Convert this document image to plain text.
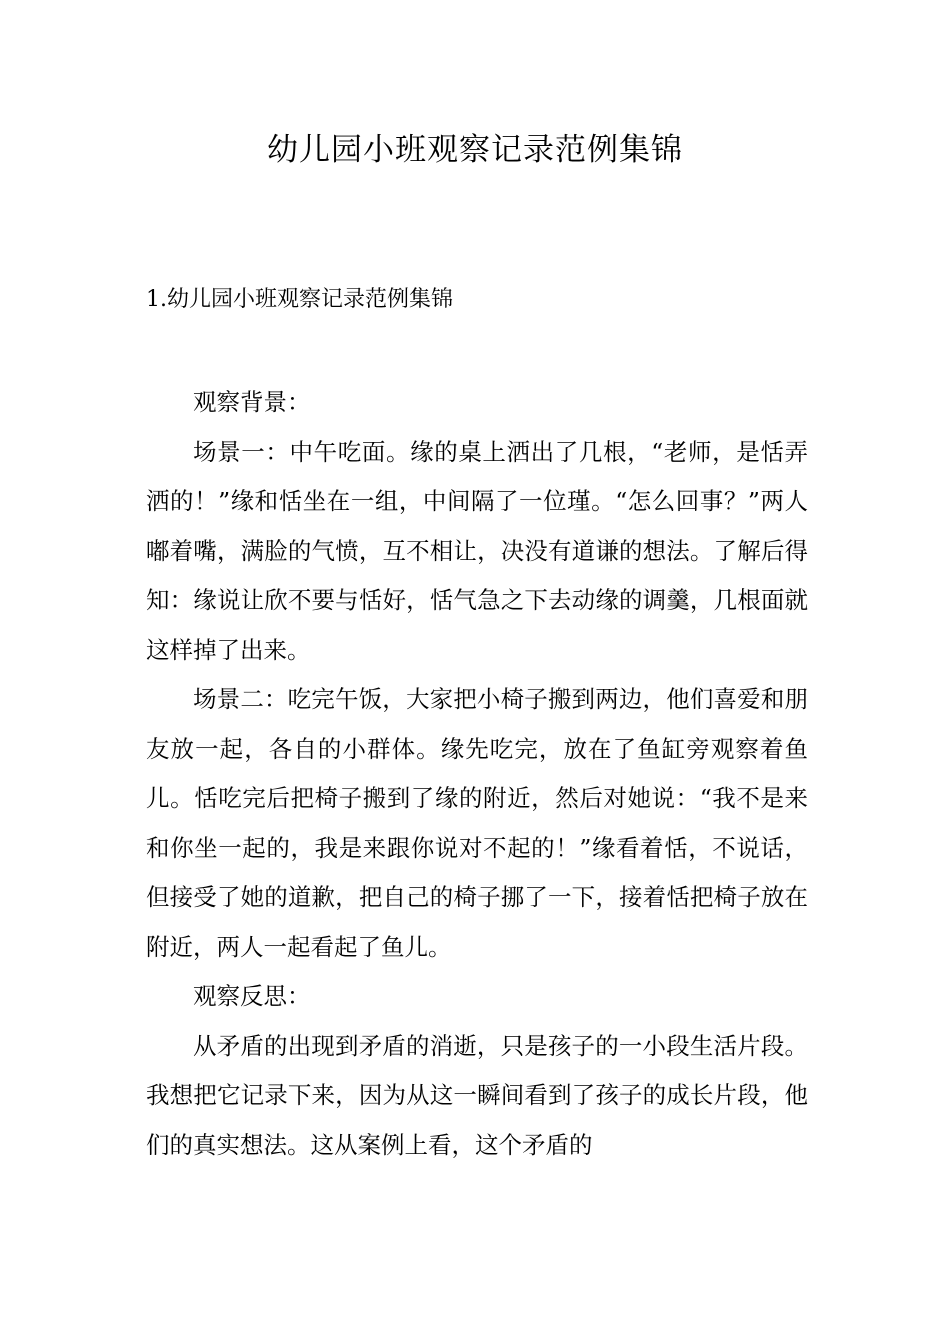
幼儿园小班观察记录范例集锦
1.幼儿园小班观察记录范例集锦

观察背景：

场景一：中午吃面。缘的桌上洒出了几根，“老师，是恬弄洒的！”缘和恬坐在一组，中间隔了一位瑾。“怎么回事？”两人嘟着嘴，满脸的气愤，互不相让，决没有道谦的想法。了解后得知：缘说让欣不要与恬好，恬气急之下去动缘的调羹，几根面就这样掉了出来。

场景二：吃完午饭，大家把小椅子搬到两边，他们喜爱和朋友放一起，各自的小群体。缘先吃完，放在了鱼缸旁观察着鱼儿。恬吃完后把椅子搬到了缘的附近，然后对她说：“我不是来和你坐一起的，我是来跟你说对不起的！”缘看着恬，不说话，但接受了她的道歉，把自己的椅子挪了一下，接着恬把椅子放在附近，两人一起看起了鱼儿。

观察反思：

从矛盾的出现到矛盾的消逝，只是孩子的一小段生活片段。我想把它记录下来，因为从这一瞬间看到了孩子的成长片段，他们的真实想法。这从案例上看，这个矛盾的
